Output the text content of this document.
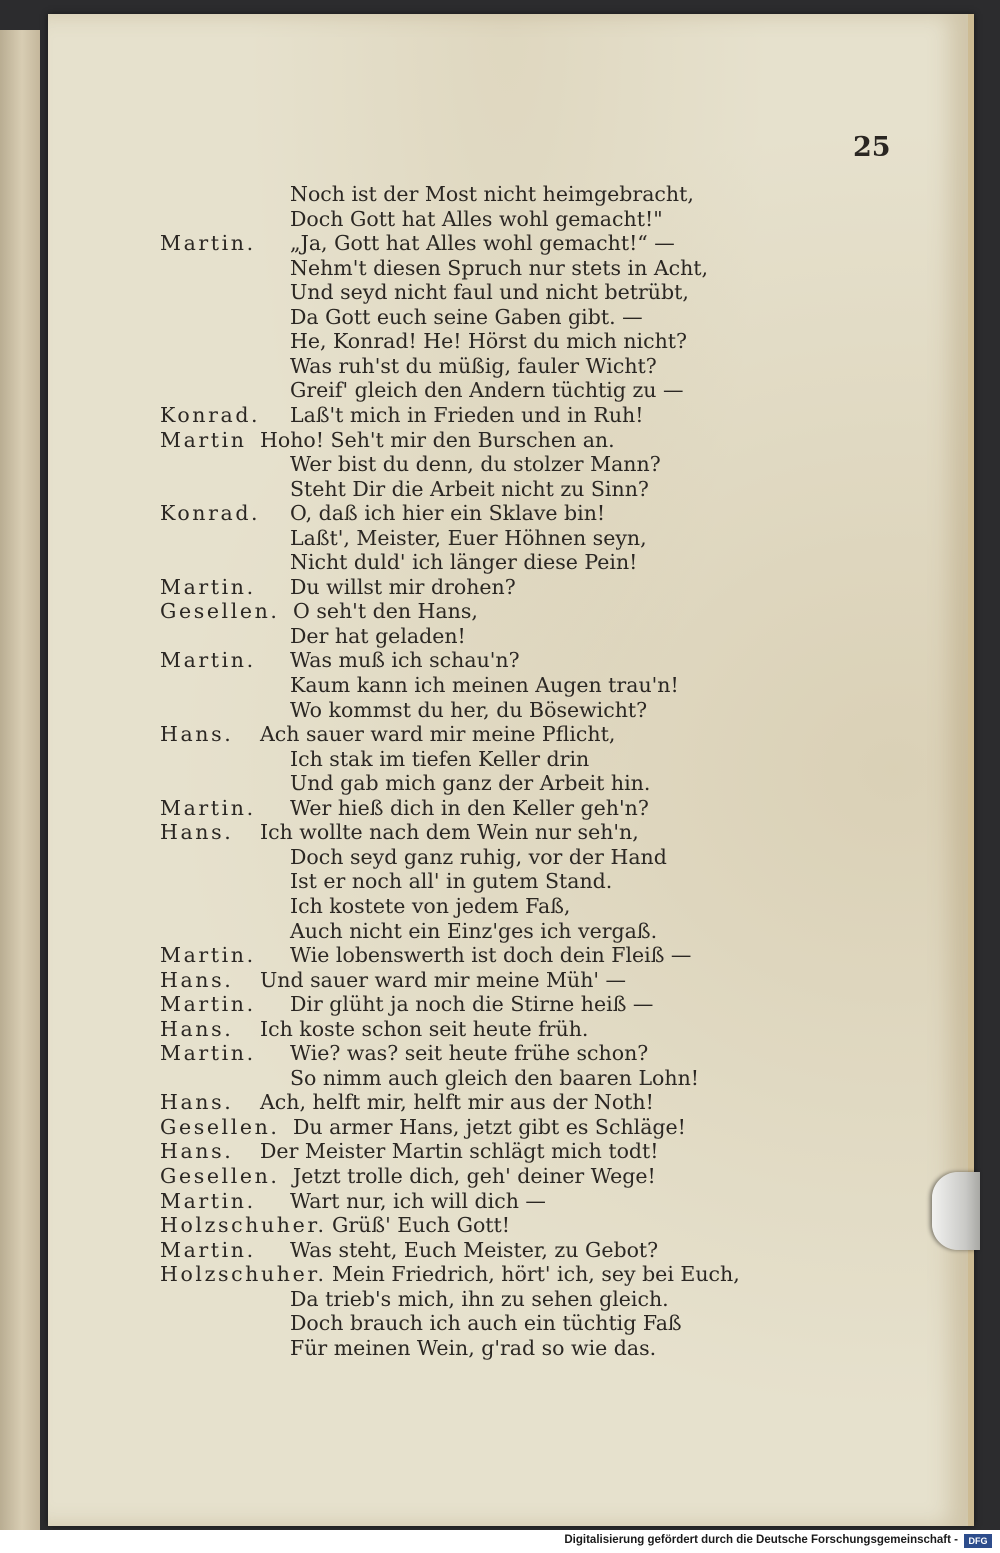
25
Noch ist der Most nicht heimgebracht,
Doch Gott hat Alles wohl gemacht!"
Martin. „Ja, Gott hat Alles wohl gemacht!“ —
Nehm't diesen Spruch nur stets in Acht,
Und seyd nicht faul und nicht betrübt,
Da Gott euch seine Gaben gibt. —
He, Konrad! He! Hörst du mich nicht?
Was ruh'st du müßig, fauler Wicht?
Greif' gleich den Andern tüchtig zu —
Konrad. Laß't mich in Frieden und in Ruh!
Martin Hoho! Seh't mir den Burschen an.
Wer bist du denn, du stolzer Mann?
Steht Dir die Arbeit nicht zu Sinn?
Konrad. O, daß ich hier ein Sklave bin!
Laßt', Meister, Euer Höhnen seyn,
Nicht duld' ich länger diese Pein!
Martin. Du willst mir drohen?
Gesellen. O seh't den Hans,
Der hat geladen!
Martin. Was muß ich schau'n?
Kaum kann ich meinen Augen trau'n!
Wo kommst du her, du Bösewicht?
Hans. Ach sauer ward mir meine Pflicht,
Ich stak im tiefen Keller drin
Und gab mich ganz der Arbeit hin.
Martin. Wer hieß dich in den Keller geh'n?
Hans. Ich wollte nach dem Wein nur seh'n,
Doch seyd ganz ruhig, vor der Hand
Ist er noch all' in gutem Stand.
Ich kostete von jedem Faß,
Auch nicht ein Einz'ges ich vergaß.
Martin. Wie lobenswerth ist doch dein Fleiß —
Hans. Und sauer ward mir meine Müh' —
Martin. Dir glüht ja noch die Stirne heiß —
Hans. Ich koste schon seit heute früh.
Martin. Wie? was? seit heute frühe schon?
So nimm auch gleich den baaren Lohn!
Hans. Ach, helft mir, helft mir aus der Noth!
Gesellen. Du armer Hans, jetzt gibt es Schläge!
Hans. Der Meister Martin schlägt mich todt!
Gesellen. Jetzt trolle dich, geh' deiner Wege!
Martin. Wart nur, ich will dich —
Holzschuher. Grüß' Euch Gott!
Martin. Was steht, Euch Meister, zu Gebot?
Holzschuher. Mein Friedrich, hört' ich, sey bei Euch,
Da trieb's mich, ihn zu sehen gleich.
Doch brauch ich auch ein tüchtig Faß
Für meinen Wein, g'rad so wie das.
Digitalisierung gefördert durch die Deutsche Forschungsgemeinschaft -	DFG
